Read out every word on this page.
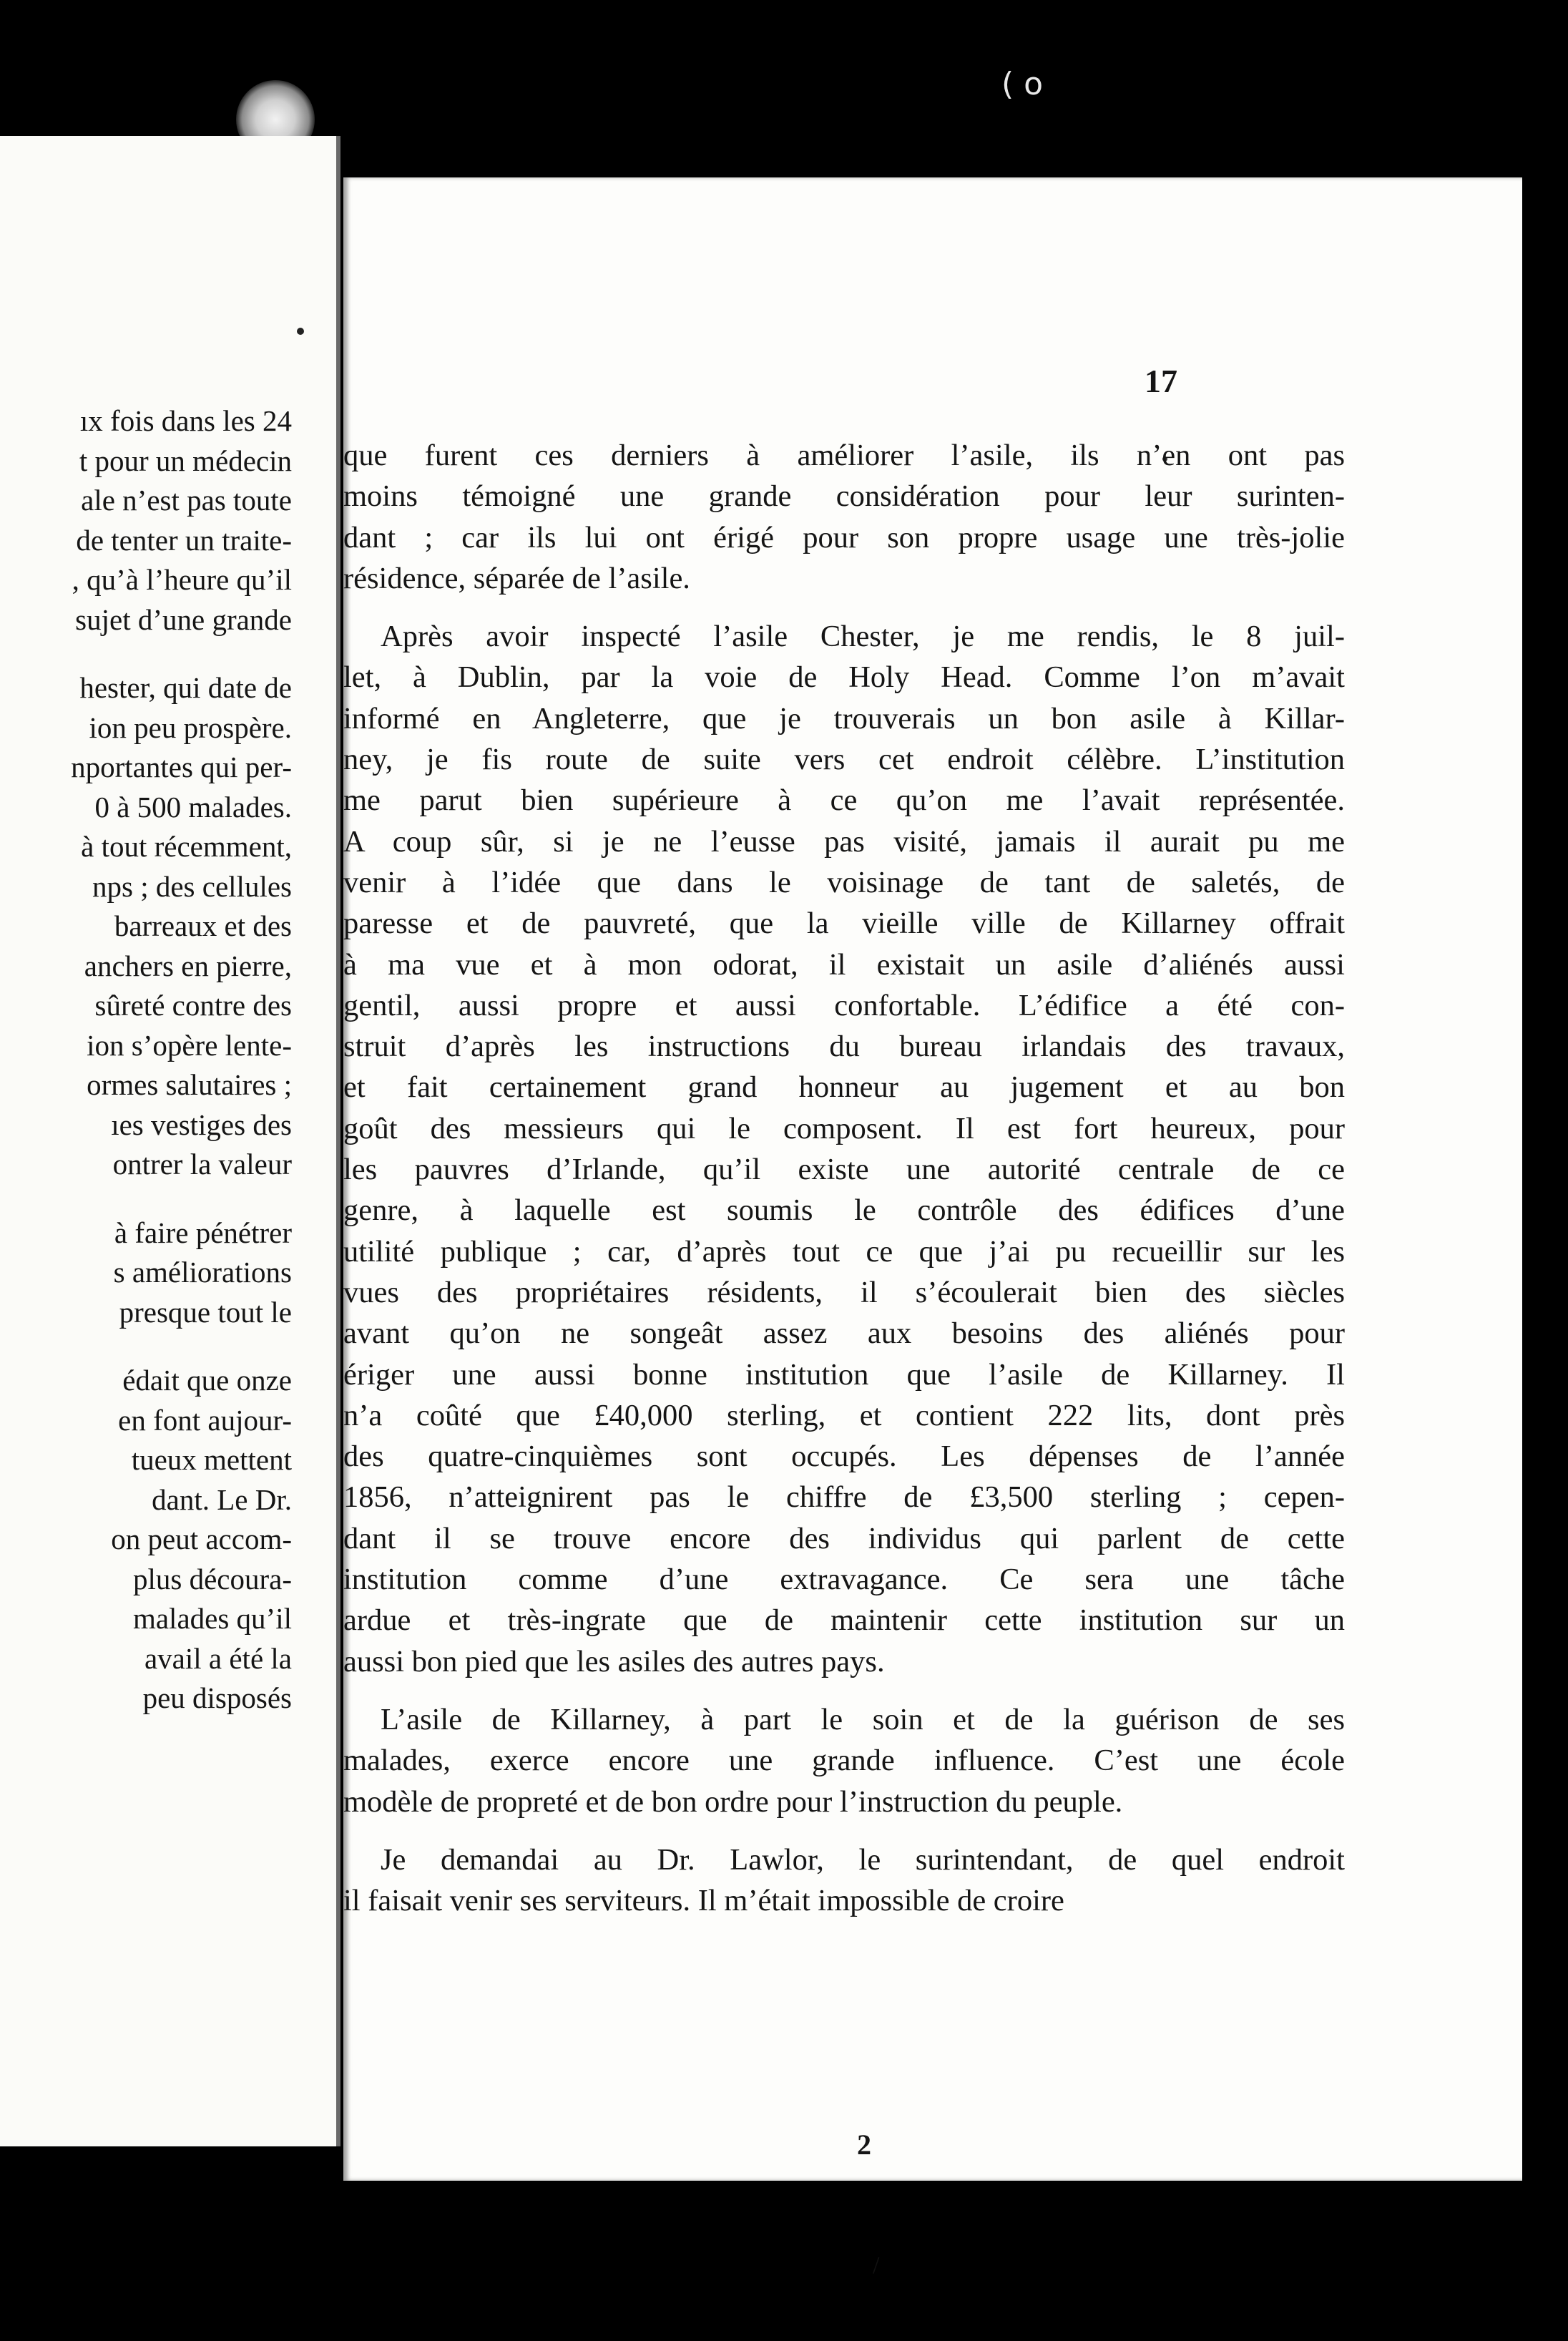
( o
ıx fois dans les 24
t pour un médecin
ale n’est pas toute
de tenter un traite-
, qu’à l’heure qu’il
sujet d’une grande
hester, qui date de
ion peu prospère.
nportantes qui per-
0 à 500 malades.
à tout récemment,
nps ; des cellules
barreaux et des
anchers en pierre,
sûreté contre des
ion s’opère lente-
ormes salutaires ;
ıes vestiges des
ontrer la valeur
à faire pénétrer
s améliorations
presque tout le
édait que onze
en font aujour-
tueux mettent
dant. Le Dr.
on peut accom-
plus découra-
malades qu’il
avail a été la
peu disposés
17
que furent ces derniers à améliorer l’asile, ils n’en ont pas
moins témoigné une grande considération pour leur surinten-
dant ; car ils lui ont érigé pour son propre usage une très-jolie
résidence, séparée de l’asile.
Après avoir inspecté l’asile Chester, je me rendis, le 8 juil-
let, à Dublin, par la voie de Holy Head. Comme l’on m’avait
informé en Angleterre, que je trouverais un bon asile à Killar-
ney, je fis route de suite vers cet endroit célèbre. L’institution
me parut bien supérieure à ce qu’on me l’avait représentée.
A coup sûr, si je ne l’eusse pas visité, jamais il aurait pu me
venir à l’idée que dans le voisinage de tant de saletés, de
paresse et de pauvreté, que la vieille ville de Killarney offrait
à ma vue et à mon odorat, il existait un asile d’aliénés aussi
gentil, aussi propre et aussi confortable. L’édifice a été con-
struit d’après les instructions du bureau irlandais des travaux,
et fait certainement grand honneur au jugement et au bon
goût des messieurs qui le composent. Il est fort heureux, pour
les pauvres d’Irlande, qu’il existe une autorité centrale de ce
genre, à laquelle est soumis le contrôle des édifices d’une
utilité publique ; car, d’après tout ce que j’ai pu recueillir sur les
vues des propriétaires résidents, il s’écoulerait bien des siècles
avant qu’on ne songeât assez aux besoins des aliénés pour
ériger une aussi bonne institution que l’asile de Killarney. Il
n’a coûté que £40,000 sterling, et contient 222 lits, dont près
des quatre-cinquièmes sont occupés. Les dépenses de l’année
1856, n’atteignirent pas le chiffre de £3,500 sterling ; cepen-
dant il se trouve encore des individus qui parlent de cette
institution comme d’une extravagance. Ce sera une tâche
ardue et très-ingrate que de maintenir cette institution sur un
aussi bon pied que les asiles des autres pays.
L’asile de Killarney, à part le soin et de la guérison de ses
malades, exerce encore une grande influence. C’est une école
modèle de propreté et de bon ordre pour l’instruction du peuple.
Je demandai au Dr. Lawlor, le surintendant, de quel endroit
il faisait venir ses serviteurs. Il m’était impossible de croire
2
/
